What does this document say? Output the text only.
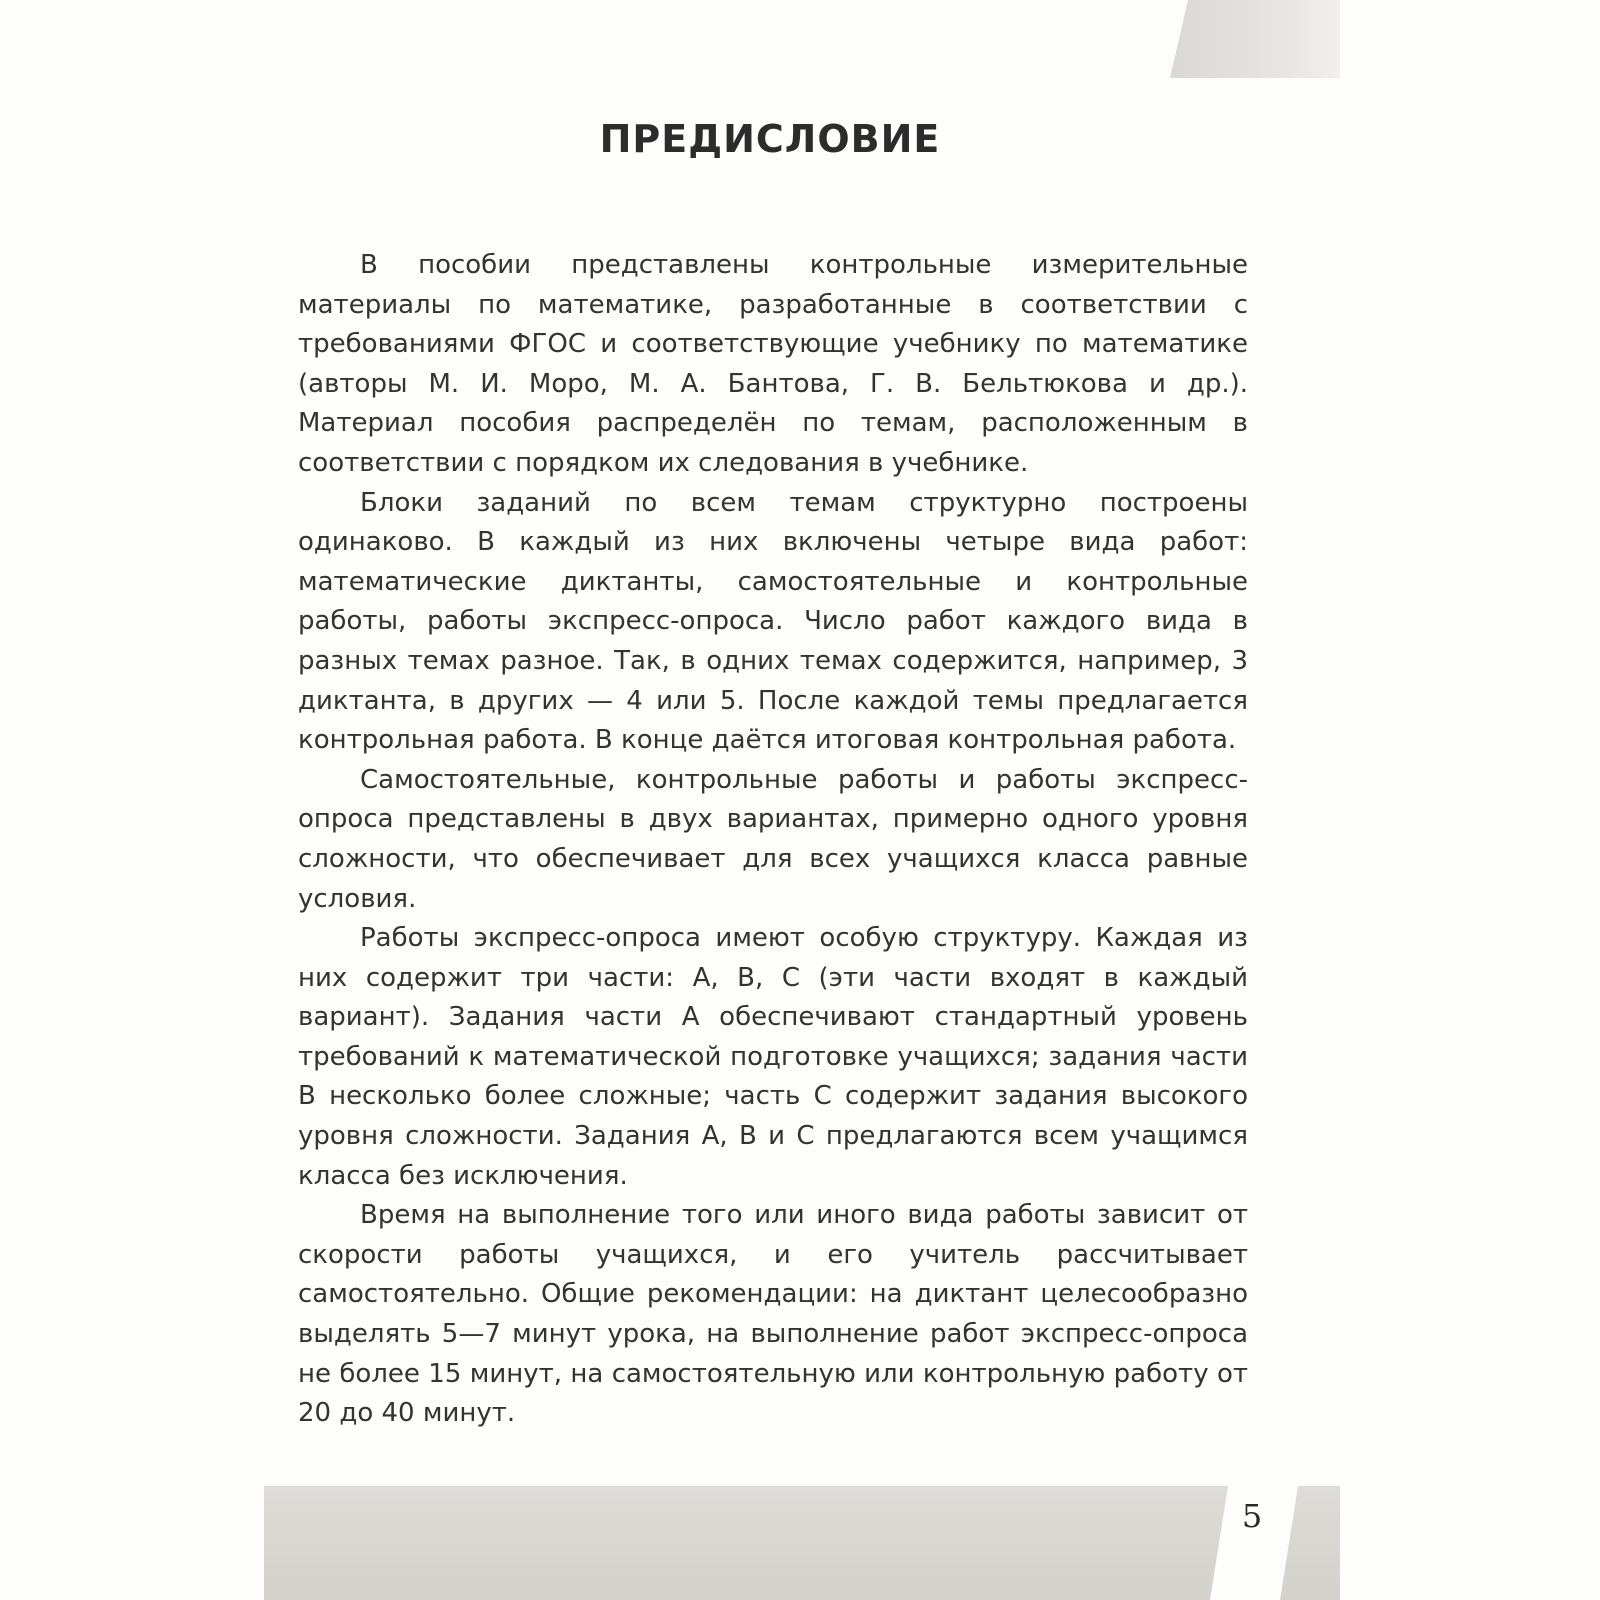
ПРЕДИСЛОВИЕ

В пособии представлены контрольные измерительные материалы по математике, разработанные в соответствии с требованиями ФГОС и соответствующие учебнику по математике (авторы М. И. Моро, М. А. Бантова, Г. В. Бельтюкова и др.). Материал пособия распределён по темам, расположенным в соответствии с порядком их следования в учебнике.

Блоки заданий по всем темам структурно построены одинаково. В каждый из них включены четыре вида работ: математические диктанты, самостоятельные и контрольные работы, работы экспресс-опроса. Число работ каждого вида в разных темах разное. Так, в одних темах содержится, например, 3 диктанта, в других — 4 или 5. После каждой темы предлагается контрольная работа. В конце даётся итоговая контрольная работа.

Самостоятельные, контрольные работы и работы экспресс-опроса представлены в двух вариантах, примерно одного уровня сложности, что обеспечивает для всех учащихся класса равные условия.

Работы экспресс-опроса имеют особую структуру. Каждая из них содержит три части: А, В, С (эти части входят в каждый вариант). Задания части А обеспечивают стандартный уровень требований к математической подготовке учащихся; задания части В несколько более сложные; часть С содержит задания высокого уровня сложности. Задания А, В и С предлагаются всем учащимся класса без исключения.

Время на выполнение того или иного вида работы зависит от скорости работы учащихся, и его учитель рассчитывает самостоятельно. Общие рекомендации: на диктант целесообразно выделять 5—7 минут урока, на выполнение работ экспресс-опроса не более 15 минут, на самостоятельную или контрольную работу от 20 до 40 минут.

5
